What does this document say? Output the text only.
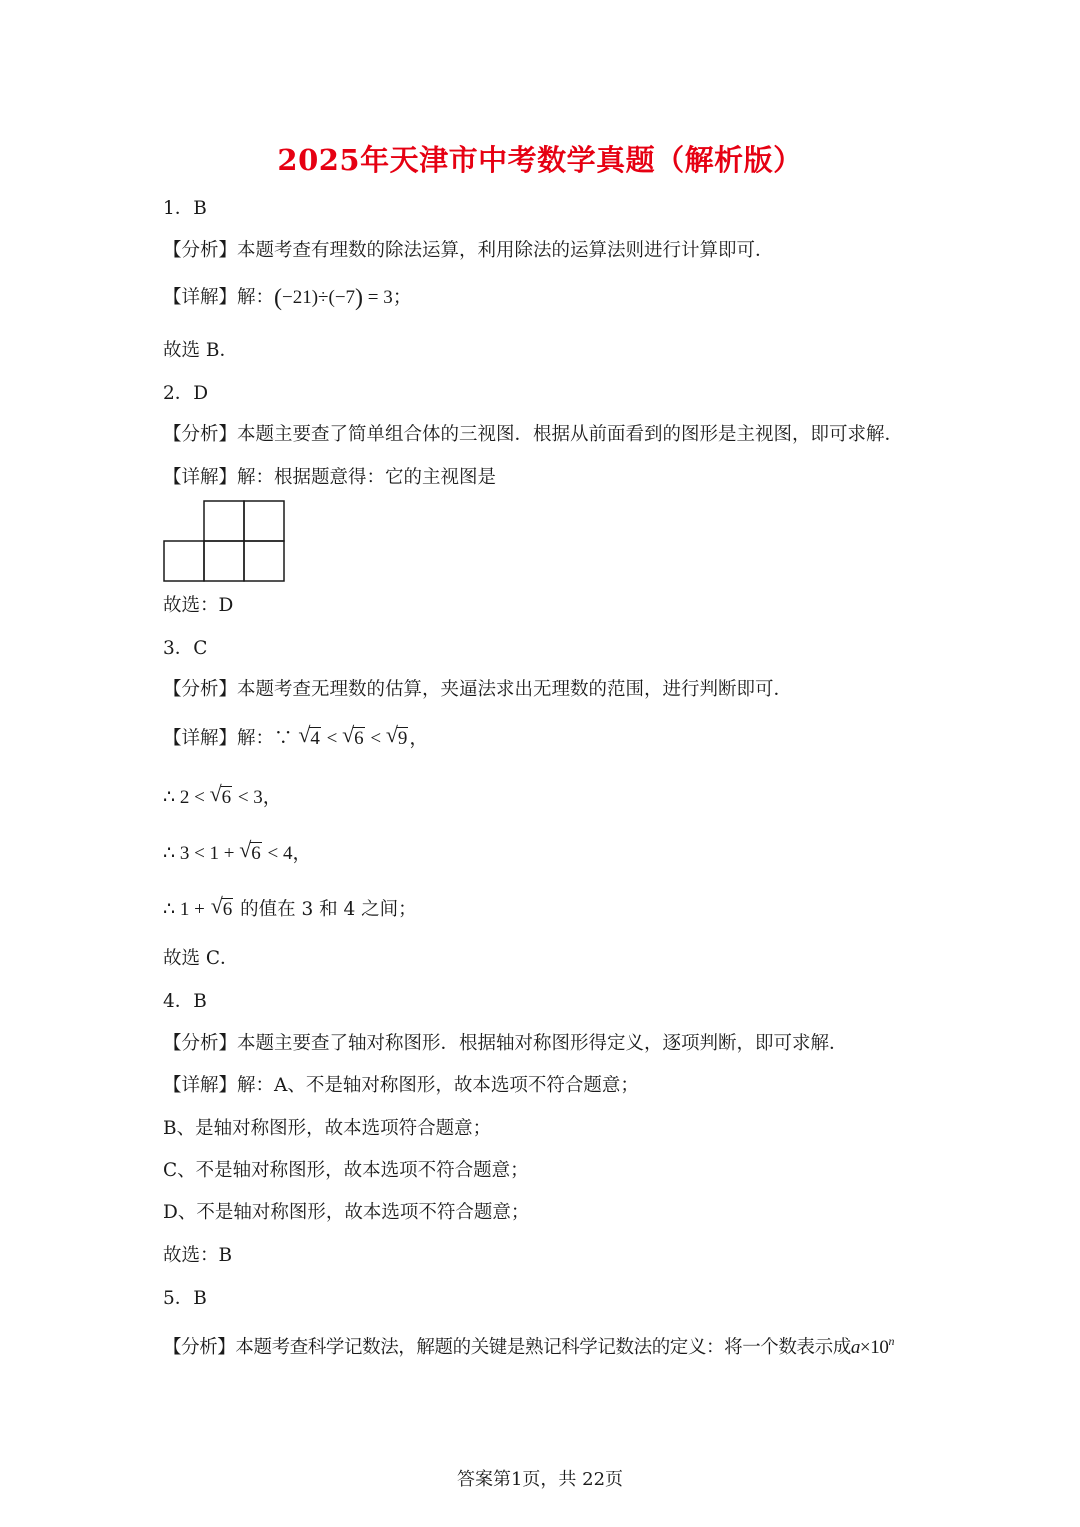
2025年天津市中考数学真题（解析版）
1．B
【分析】本题考查有理数的除法运算，利用除法的运算法则进行计算即可．
【详解】解：(−21)÷(−7) = 3；
故选 B．
2．D
【分析】本题主要查了简单组合体的三视图．根据从前面看到的图形是主视图，即可求解．
【详解】解：根据题意得：它的主视图是
故选：D
3．C
【分析】本题考查无理数的估算，夹逼法求出无理数的范围，进行判断即可．
【详解】解：∵ √ 4 < √ 6 < √ 9 ，
∴ 2 < √ 6 < 3，
∴ 3 < 1 + √ 6 < 4，
∴ 1 + √ 6 的值在 3 和 4 之间；
故选 C．
4．B
【分析】本题主要查了轴对称图形．根据轴对称图形得定义，逐项判断，即可求解．
【详解】解：A、不是轴对称图形，故本选项不符合题意；
B、是轴对称图形，故本选项符合题意；
C、不是轴对称图形，故本选项不符合题意；
D、不是轴对称图形，故本选项不符合题意；
故选：B
5．B
【分析】本题考查科学记数法，解题的关键是熟记科学记数法的定义：将一个数表示成$a\times 10^n$
答案第1页，共 22页
